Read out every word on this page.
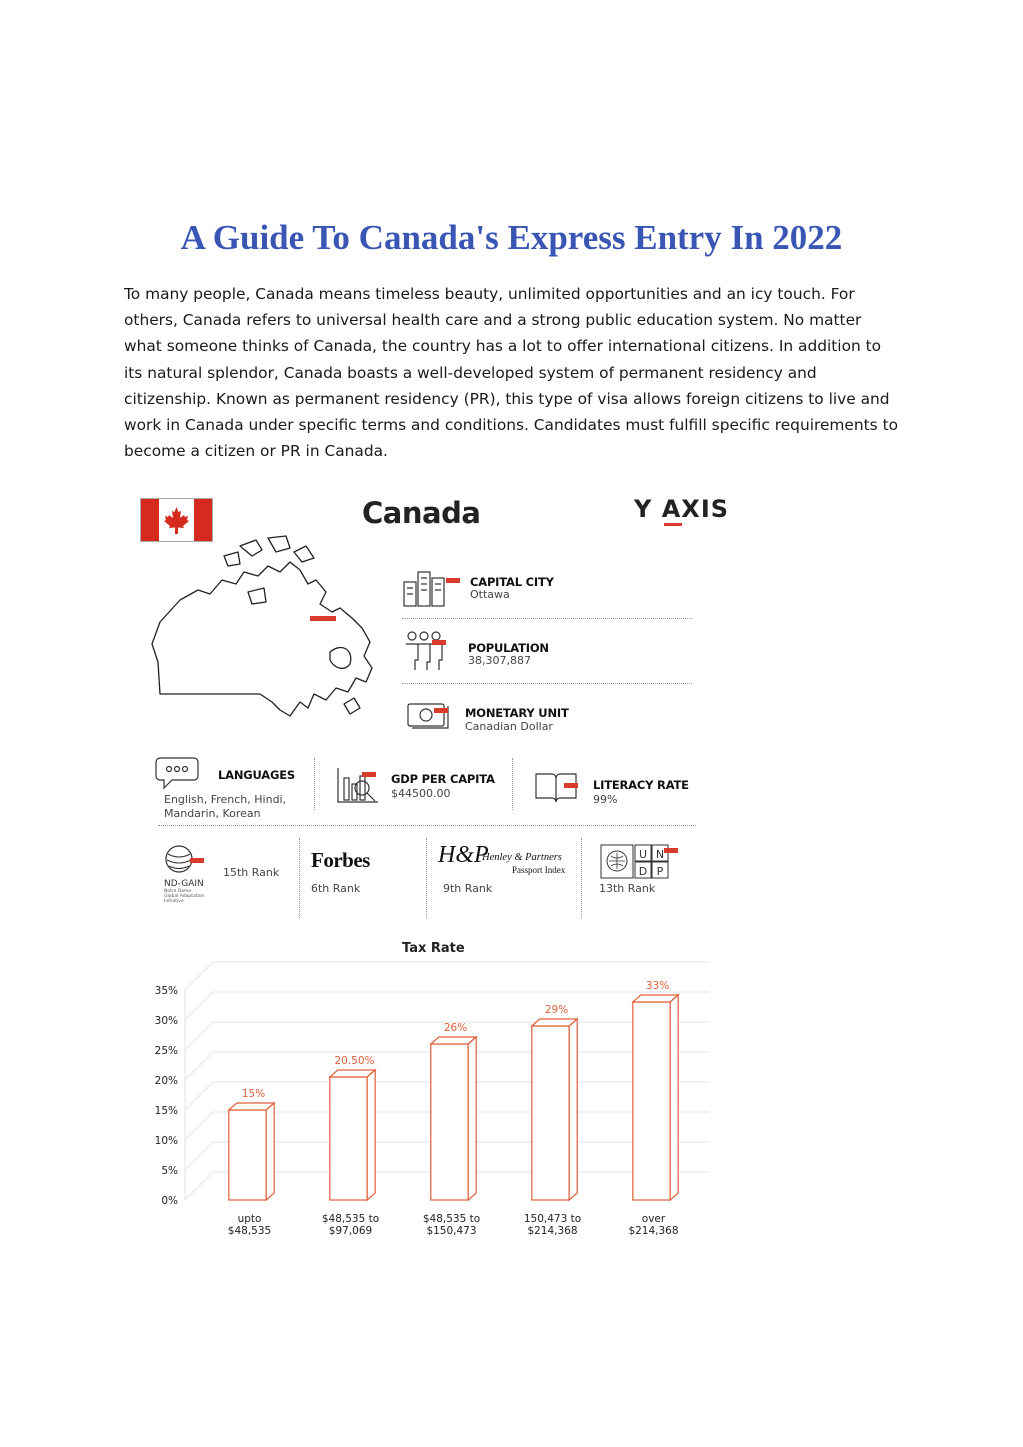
A Guide To Canada's Express Entry In 2022

To many people, Canada means timeless beauty, unlimited opportunities and an icy touch. For others, Canada refers to universal health care and a strong public education system. No matter what someone thinks of Canada, the country has a lot to offer international citizens. In addition to its natural splendor, Canada boasts a well-developed system of permanent residency and citizenship. Known as permanent residency (PR), this type of visa allows foreign citizens to live and work in Canada under specific terms and conditions. Candidates must fulfill specific requirements to become a citizen or PR in Canada.

Canada	Y AXIS
CAPITAL CITY
Ottawa
POPULATION
38,307,887
MONETARY UNIT
Canadian Dollar
LANGUAGES
English, French, Hindi,
Mandarin, Korean
GDP PER CAPITA
$44500.00
LITERACY RATE
99%
ND-GAIN
Notre Dame Global Adaptation Initiative
15th Rank
Forbes
6th Rank
H&P
Henley & Partners
Passport Index
9th Rank
U N
D P
13th Rank
Tax Rate
0%
5%
10%
15%
20%
25%
30%
35%
15%
upto
$48,535
20.50%
$48,535 to
$97,069
26%
$48,535 to
$150,473
29%
150,473 to
$214,368
33%
over
$214,368
